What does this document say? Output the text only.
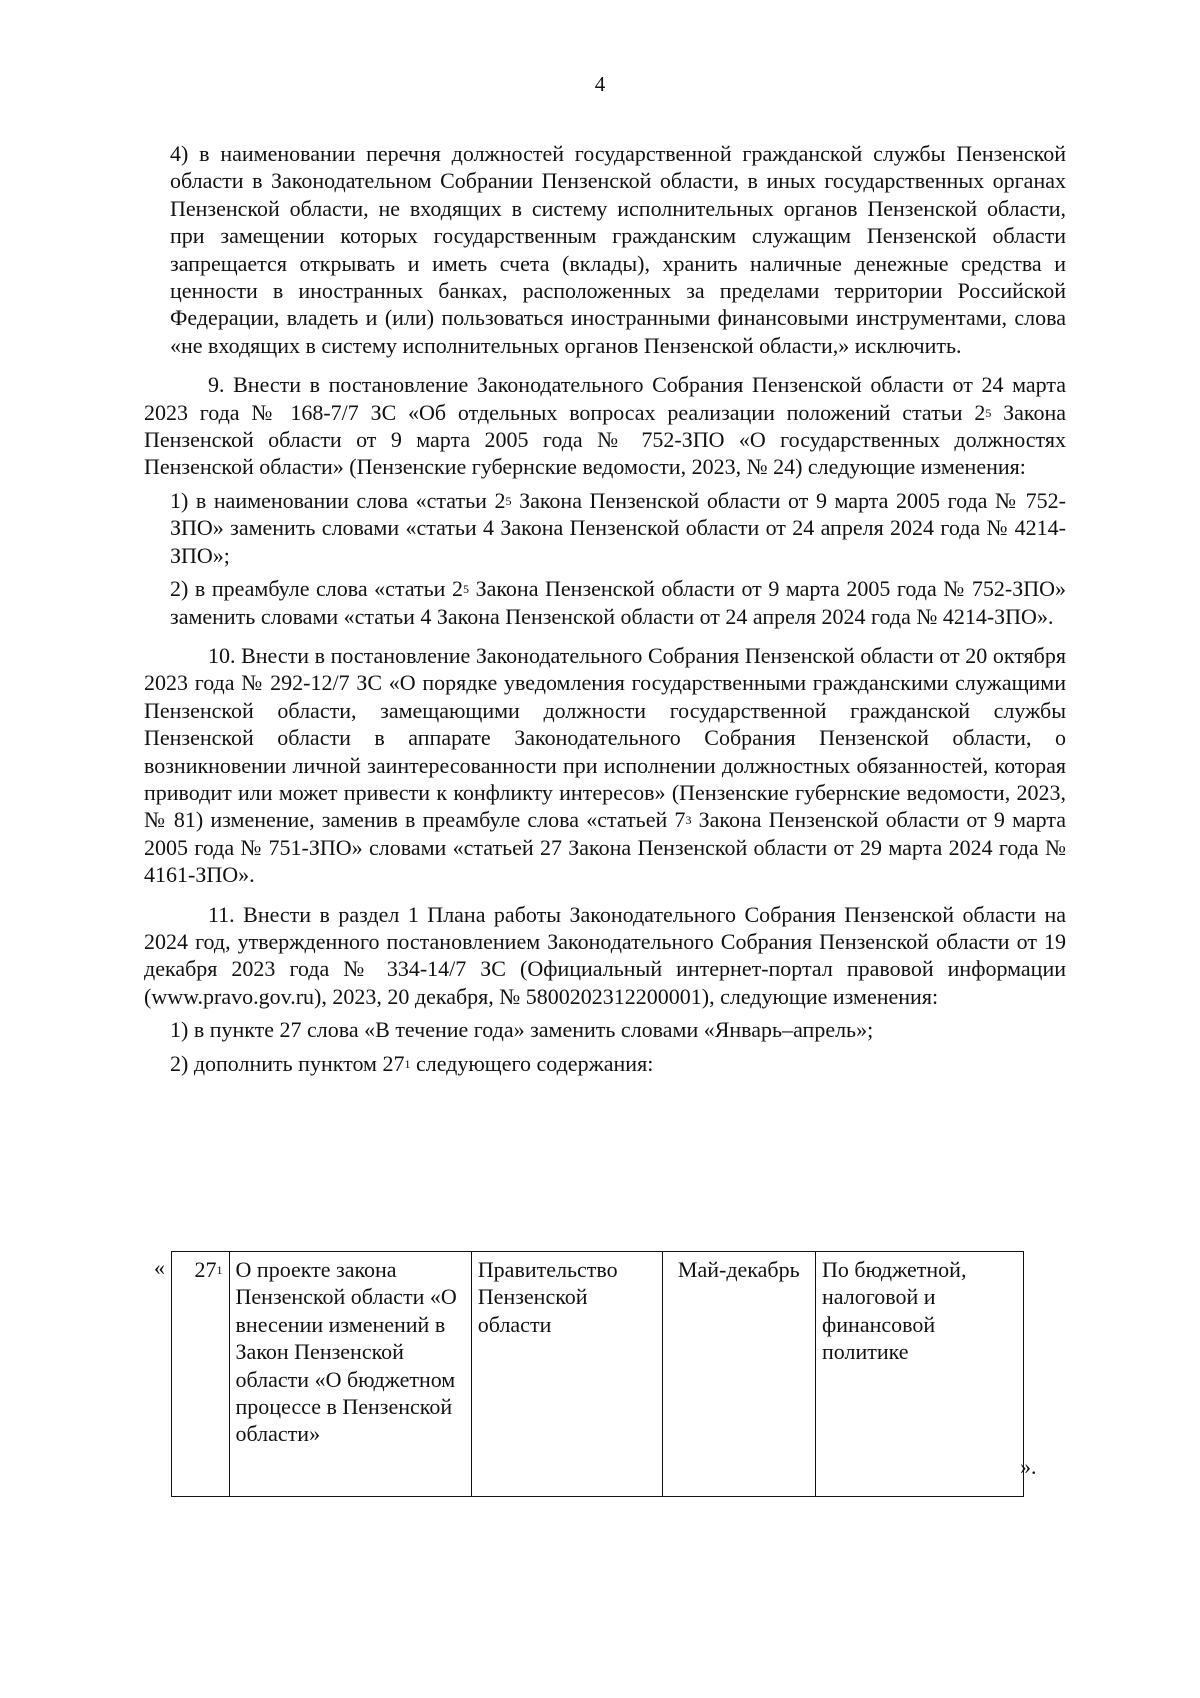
4

4) в наименовании перечня должностей государственной гражданской службы Пензенской области в Законодательном Собрании Пензенской области, в иных государственных органах Пензенской области, не входящих в систему исполнительных органов Пензенской области, при замещении которых государственным гражданским служащим Пензенской области запрещается открывать и иметь счета (вклады), хранить наличные денежные средства и ценности в иностранных банках, расположенных за пределами территории Российской Федерации, владеть и (или) пользоваться иностранными финансовыми инструментами, слова «не входящих в систему исполнительных органов Пензенской области,» исключить.

9. Внести в постановление Законодательного Собрания Пензенской области от 24 марта 2023 года № 168-7/7 ЗС «Об отдельных вопросах реализации положений статьи $2^5$ Закона Пензенской области от 9 марта 2005 года № 752-ЗПО «О государственных должностях Пензенской области» (Пензенские губернские ведомости, 2023, № 24) следующие изменения:

1) в наименовании слова «статьи $2^5$ Закона Пензенской области от 9 марта 2005 года № 752-ЗПО» заменить словами «статьи 4 Закона Пензенской области от 24 апреля 2024 года № 4214-ЗПО»;

2) в преамбуле слова «статьи $2^5$ Закона Пензенской области от 9 марта 2005 года № 752-ЗПО» заменить словами «статьи 4 Закона Пензенской области от 24 апреля 2024 года № 4214-ЗПО».

10. Внести в постановление Законодательного Собрания Пензенской области от 20 октября 2023 года № 292-12/7 ЗС «О порядке уведомления государственными гражданскими служащими Пензенской области, замещающими должности государственной гражданской службы Пензенской области в аппарате Законодательного Собрания Пензенской области, о возникновении личной заинтересованности при исполнении должностных обязанностей, которая приводит или может привести к конфликту интересов» (Пензенские губернские ведомости, 2023, № 81) изменение, заменив в преамбуле слова «статьей $7^3$ Закона Пензенской области от 9 марта 2005 года № 751-ЗПО» словами «статьей 27 Закона Пензенской области от 29 марта 2024 года № 4161-ЗПО».

11. Внести в раздел 1 Плана работы Законодательного Собрания Пензенской области на 2024 год, утвержденного постановлением Законодательного Собрания Пензенской области от 19 декабря 2023 года № 334-14/7 ЗС (Официальный интернет-портал правовой информации (www.pravo.gov.ru), 2023, 20 декабря, № 5800202312200001), следующие изменения:

1) в пункте 27 слова «В течение года» заменить словами «Январь–апрель»;

2) дополнить пунктом $27^1$ следующего содержания:

« $27^1$	О проекте закона Пензенской области «О внесении изменений в Закон Пензенской области «О бюджетном процессе в Пензенской области»	Правительство Пензенской области	Май-декабрь	По бюджетной, налоговой и финансовой политике
».
